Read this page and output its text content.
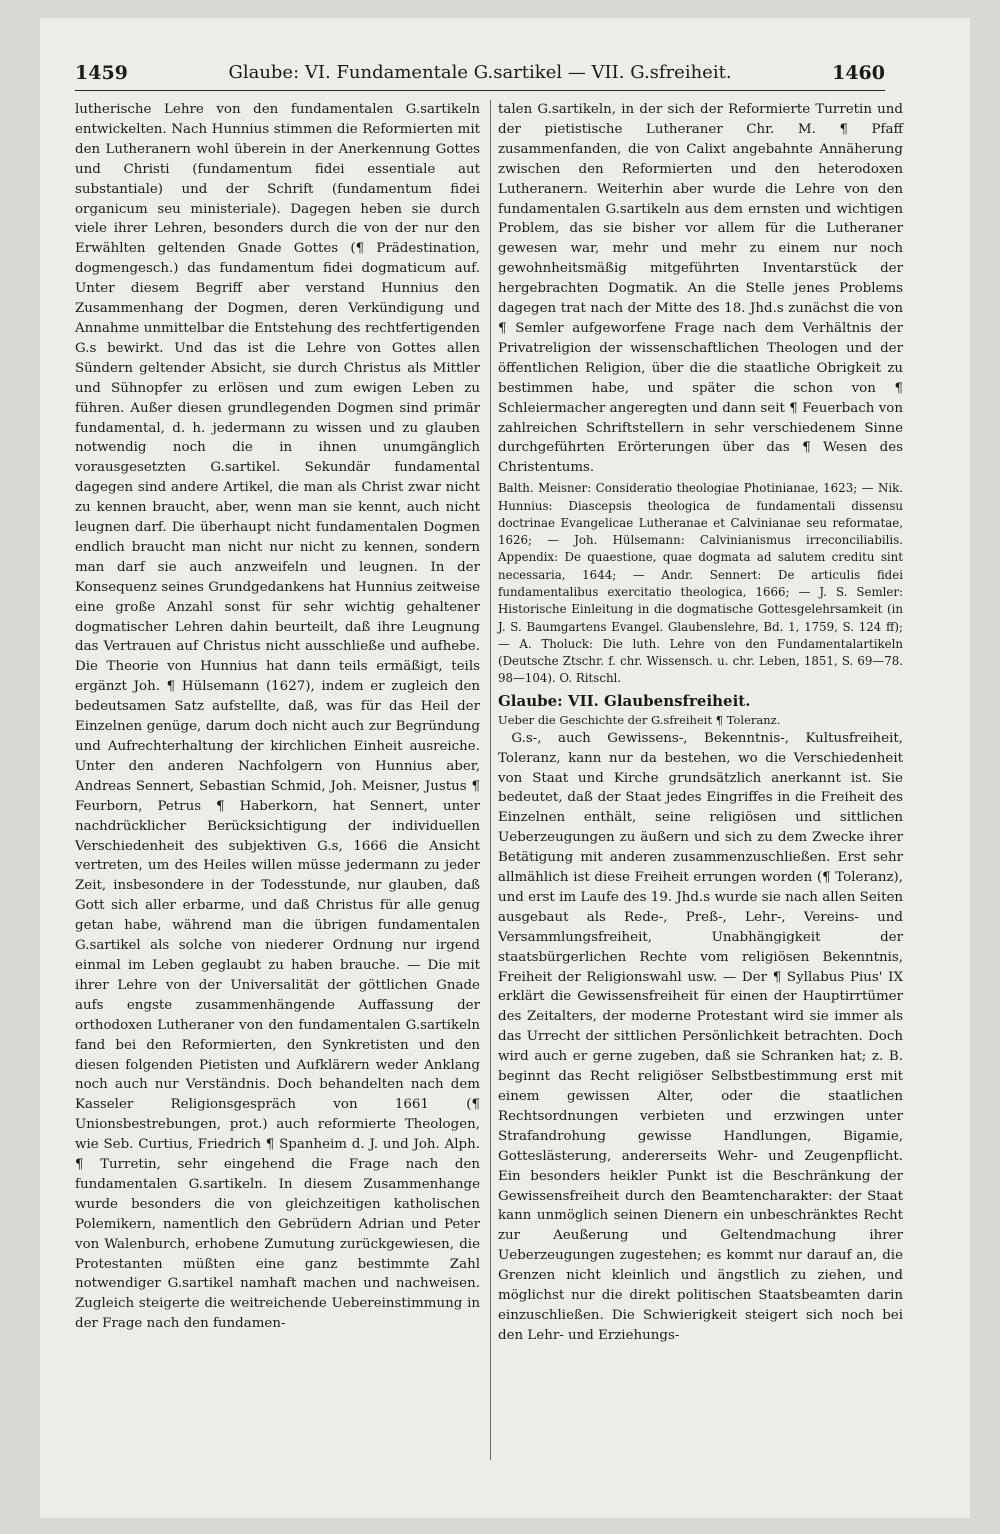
1459	Glaube: VI. Fundamentale G.sartikel — VII. G.sfreiheit.	1460

lutherische Lehre von den fundamentalen G.sartikeln entwickelten. Nach Hunnius stimmen die Reformierten mit den Lutheranern wohl überein in der Anerkennung Gottes und Christi (fundamentum fidei essentiale aut substantiale) und der Schrift (fundamentum fidei organicum seu ministeriale). Dagegen heben sie durch viele ihrer Lehren, besonders durch die von der nur den Erwählten geltenden Gnade Gottes (¶ Prädestination, dogmengesch.) das fundamentum fidei dogmaticum auf. Unter diesem Begriff aber verstand Hunnius den Zusammenhang der Dogmen, deren Verkündigung und Annahme unmittelbar die Entstehung des rechtfertigenden G.s bewirkt. Und das ist die Lehre von Gottes allen Sündern geltender Absicht, sie durch Christus als Mittler und Sühnopfer zu erlösen und zum ewigen Leben zu führen. Außer diesen grundlegenden Dogmen sind primär fundamental, d. h. jedermann zu wissen und zu glauben notwendig noch die in ihnen unumgänglich vorausgesetzten G.sartikel. Sekundär fundamental dagegen sind andere Artikel, die man als Christ zwar nicht zu kennen braucht, aber, wenn man sie kennt, auch nicht leugnen darf. Die überhaupt nicht fundamentalen Dogmen endlich braucht man nicht nur nicht zu kennen, sondern man darf sie auch anzweifeln und leugnen. In der Konsequenz seines Grundgedankens hat Hunnius zeitweise eine große Anzahl sonst für sehr wichtig gehaltener dogmatischer Lehren dahin beurteilt, daß ihre Leugnung das Vertrauen auf Christus nicht ausschließe und aufhebe. Die Theorie von Hunnius hat dann teils ermäßigt, teils ergänzt Joh. ¶ Hülsemann (1627), indem er zugleich den bedeutsamen Satz aufstellte, daß, was für das Heil der Einzelnen genüge, darum doch nicht auch zur Begründung und Aufrechterhaltung der kirchlichen Einheit ausreiche. Unter den anderen Nachfolgern von Hunnius aber, Andreas Sennert, Sebastian Schmid, Joh. Meisner, Justus ¶ Feurborn, Petrus ¶ Haberkorn, hat Sennert, unter nachdrücklicher Berücksichtigung der individuellen Verschiedenheit des subjektiven G.s, 1666 die Ansicht vertreten, um des Heiles willen müsse jedermann zu jeder Zeit, insbesondere in der Todesstunde, nur glauben, daß Gott sich aller erbarme, und daß Christus für alle genug getan habe, während man die übrigen fundamentalen G.sartikel als solche von niederer Ordnung nur irgend einmal im Leben geglaubt zu haben brauche. — Die mit ihrer Lehre von der Universalität der göttlichen Gnade aufs engste zusammenhängende Auffassung der orthodoxen Lutheraner von den fundamentalen G.sartikeln fand bei den Reformierten, den Synkretisten und den diesen folgenden Pietisten und Aufklärern weder Anklang noch auch nur Verständnis. Doch behandelten nach dem Kasseler Religionsgespräch von 1661 (¶ Unionsbestrebungen, prot.) auch reformierte Theologen, wie Seb. Curtius, Friedrich ¶ Spanheim d. J. und Joh. Alph. ¶ Turretin, sehr eingehend die Frage nach den fundamentalen G.sartikeln. In diesem Zusammenhange wurde besonders die von gleichzeitigen katholischen Polemikern, namentlich den Gebrüdern Adrian und Peter von Walenburch, erhobene Zumutung zurückgewiesen, die Protestanten müßten eine ganz bestimmte Zahl notwendiger G.sartikel namhaft machen und nachweisen. Zugleich steigerte die weitreichende Uebereinstimmung in der Frage nach den fundamen-

talen G.sartikeln, in der sich der Reformierte Turretin und der pietistische Lutheraner Chr. M. ¶ Pfaff zusammenfanden, die von Calixt angebahnte Annäherung zwischen den Reformierten und den heterodoxen Lutheranern. Weiterhin aber wurde die Lehre von den fundamentalen G.sartikeln aus dem ernsten und wichtigen Problem, das sie bisher vor allem für die Lutheraner gewesen war, mehr und mehr zu einem nur noch gewohnheitsmäßig mitgeführten Inventarstück der hergebrachten Dogmatik. An die Stelle jenes Problems dagegen trat nach der Mitte des 18. Jhd.s zunächst die von ¶ Semler aufgeworfene Frage nach dem Verhältnis der Privatreligion der wissenschaftlichen Theologen und der öffentlichen Religion, über die die staatliche Obrigkeit zu bestimmen habe, und später die schon von ¶ Schleiermacher angeregten und dann seit ¶ Feuerbach von zahlreichen Schriftstellern in sehr verschiedenem Sinne durchgeführten Erörterungen über das ¶ Wesen des Christentums.

Balth. Meisner: Consideratio theologiae Photinianae, 1623; — Nik. Hunnius: Diascepsis theologica de fundamentali dissensu doctrinae Evangelicae Lutheranae et Calvinianae seu reformatae, 1626; — Joh. Hülsemann: Calvinianismus irreconciliabilis. Appendix: De quaestione, quae dogmata ad salutem creditu sint necessaria, 1644; — Andr. Sennert: De articulis fidei fundamentalibus exercitatio theologica, 1666; — J. S. Semler: Historische Einleitung in die dogmatische Gottesgelehrsamkeit (in J. S. Baumgartens Evangel. Glaubenslehre, Bd. 1, 1759, S. 124 ff); — A. Tholuck: Die luth. Lehre von den Fundamentalartikeln (Deutsche Ztschr. f. chr. Wissensch. u. chr. Leben, 1851, S. 69—78. 98—104). O. Ritschl.

Glaube: VII. Glaubensfreiheit.

Ueber die Geschichte der G.sfreiheit ¶ Toleranz.

G.s-, auch Gewissens-, Bekenntnis-, Kultusfreiheit, Toleranz, kann nur da bestehen, wo die Verschiedenheit von Staat und Kirche grundsätzlich anerkannt ist. Sie bedeutet, daß der Staat jedes Eingriffes in die Freiheit des Einzelnen enthält, seine religiösen und sittlichen Ueberzeugungen zu äußern und sich zu dem Zwecke ihrer Betätigung mit anderen zusammenzuschließen. Erst sehr allmählich ist diese Freiheit errungen worden (¶ Toleranz), und erst im Laufe des 19. Jhd.s wurde sie nach allen Seiten ausgebaut als Rede-, Preß-, Lehr-, Vereins- und Versammlungsfreiheit, Unabhängigkeit der staatsbürgerlichen Rechte vom religiösen Bekenntnis, Freiheit der Religionswahl usw. — Der ¶ Syllabus Pius' IX erklärt die Gewissensfreiheit für einen der Hauptirrtümer des Zeitalters, der moderne Protestant wird sie immer als das Urrecht der sittlichen Persönlichkeit betrachten. Doch wird auch er gerne zugeben, daß sie Schranken hat; z. B. beginnt das Recht religiöser Selbstbestimmung erst mit einem gewissen Alter, oder die staatlichen Rechtsordnungen verbieten und erzwingen unter Strafandrohung gewisse Handlungen, Bigamie, Gotteslästerung, andererseits Wehr- und Zeugenpflicht. Ein besonders heikler Punkt ist die Beschränkung der Gewissensfreiheit durch den Beamtencharakter: der Staat kann unmöglich seinen Dienern ein unbeschränktes Recht zur Aeußerung und Geltendmachung ihrer Ueberzeugungen zugestehen; es kommt nur darauf an, die Grenzen nicht kleinlich und ängstlich zu ziehen, und möglichst nur die direkt politischen Staatsbeamten darin einzuschließen. Die Schwierigkeit steigert sich noch bei den Lehr- und Erziehungs-
